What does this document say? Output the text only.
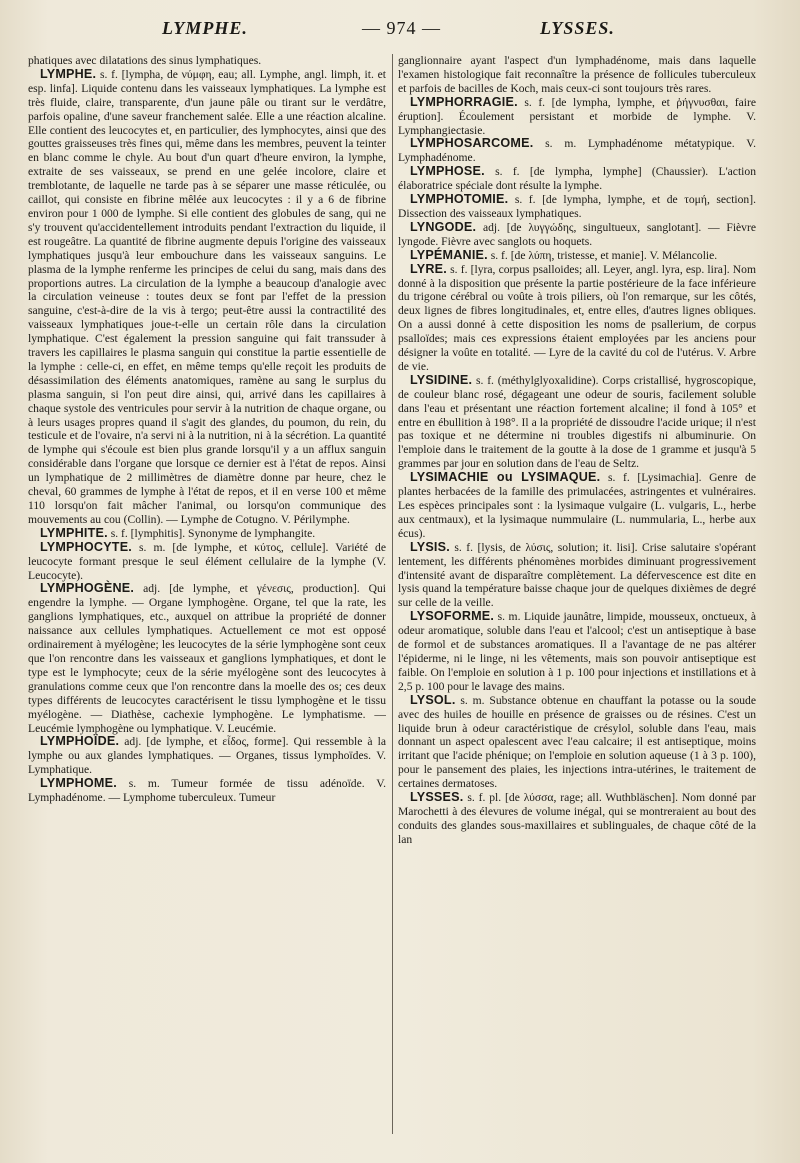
LYMPHE.	— 974 —	LYSSES.

phatiques avec dilatations des sinus lymphatiques.

LYMPHE. s. f. [lympha, de νύμφη, eau; all. Lymphe, angl. limph, it. et esp. linfa]. Liquide contenu dans les vaisseaux lymphatiques. La lymphe est très fluide, claire, transparente, d'un jaune pâle ou tirant sur le verdâtre, parfois opaline, d'une saveur franchement salée. Elle a une réaction alcaline. Elle contient des leucocytes et, en particulier, des lymphocytes, ainsi que des gouttes graisseuses très fines qui, même dans les membres, peuvent la teinter en blanc comme le chyle. Au bout d'un quart d'heure environ, la lymphe, extraite de ses vaisseaux, se prend en une gelée incolore, claire et tremblotante, de laquelle ne tarde pas à se séparer une masse réticulée, ou caillot, qui consiste en fibrine mêlée aux leucocytes : il y a 6 de fibrine environ pour 1 000 de lymphe. Si elle contient des globules de sang, qui ne s'y trouvent qu'accidentellement introduits pendant l'extraction du liquide, il est rougeâtre. La quantité de fibrine augmente depuis l'origine des vaisseaux lymphatiques jusqu'à leur embouchure dans les vaisseaux sanguins. Le plasma de la lymphe renferme les principes de celui du sang, mais dans des proportions autres. La circulation de la lymphe a beaucoup d'analogie avec la circulation veineuse : toutes deux se font par l'effet de la pression sanguine, c'est-à-dire de la vis à tergo; peut-être aussi la contractilité des vaisseaux lymphatiques joue-t-elle un certain rôle dans la circulation lymphatique. C'est également la pression sanguine qui fait transsuder à travers les capillaires le plasma sanguin qui constitue la partie essentielle de la lymphe : celle-ci, en effet, en même temps qu'elle reçoit les produits de désassimilation des éléments anatomiques, ramène au sang le surplus du plasma sanguin, si l'on peut dire ainsi, qui, arrivé dans les capillaires à chaque systole des ventricules pour servir à la nutrition de chaque organe, ou à leurs usages propres quand il s'agit des glandes, du poumon, du rein, du testicule et de l'ovaire, n'a servi ni à la nutrition, ni à la sécrétion. La quantité de lymphe qui s'écoule est bien plus grande lorsqu'il y a un afflux sanguin considérable dans l'organe que lorsque ce dernier est à l'état de repos. Ainsi un lymphatique de 2 millimètres de diamètre donne par heure, chez le cheval, 60 grammes de lymphe à l'état de repos, et il en verse 100 et même 110 lorsqu'on fait mâcher l'animal, ou lorsqu'on communique des mouvements au cou (Collin). — Lymphe de Cotugno. V. Périlymphe.

LYMPHITE. s. f. [lymphitis]. Synonyme de lymphangite.

LYMPHOCYTE. s. m. [de lymphe, et κύτος, cellule]. Variété de leucocyte formant presque le seul élément cellulaire de la lymphe (V. Leucocyte).

LYMPHOGÈNE. adj. [de lymphe, et γένεσις, production]. Qui engendre la lymphe. — Organe lymphogène. Organe, tel que la rate, les ganglions lymphatiques, etc., auxquel on attribue la propriété de donner naissance aux cellules lymphatiques. Actuellement ce mot est opposé ordinairement à myélogène; les leucocytes de la série lymphogène sont ceux que l'on rencontre dans les vaisseaux et ganglions lymphatiques, et dont le type est le lymphocyte; ceux de la série myélogène sont des leucocytes à granulations comme ceux que l'on rencontre dans la moelle des os; ces deux types différents de leucocytes caractérisent le tissu lymphogène et le tissu myélogène. — Diathèse, cachexie lymphogène. Le lymphatisme. — Leucémie lymphogène ou lymphatique. V. Leucémie.

LYMPHOÏDE. adj. [de lymphe, et εἶδος, forme]. Qui ressemble à la lymphe ou aux glandes lymphatiques. — Organes, tissus lymphoïdes. V. Lymphatique.

LYMPHOME. s. m. Tumeur formée de tissu adénoïde. V. Lymphadénome. — Lymphome tuberculeux. Tumeur

ganglionnaire ayant l'aspect d'un lymphadénome, mais dans laquelle l'examen histologique fait reconnaître la présence de follicules tuberculeux et parfois de bacilles de Koch, mais ceux-ci sont toujours très rares.

LYMPHORRAGIE. s. f. [de lympha, lymphe, et ῥήγνυσθαι, faire éruption]. Écoulement persistant et morbide de lymphe. V. Lymphangiectasie.

LYMPHOSARCOME. s. m. Lymphadénome métatypique. V. Lymphadénome.

LYMPHOSE. s. f. [de lympha, lymphe] (Chaussier). L'action élaboratrice spéciale dont résulte la lymphe.

LYMPHOTOMIE. s. f. [de lympha, lymphe, et de τομή, section]. Dissection des vaisseaux lymphatiques.

LYNGODE. adj. [de λυγγώδης, singultueux, sanglotant]. — Fièvre lyngode. Fièvre avec sanglots ou hoquets.

LYPÉMANIE. s. f. [de λύπη, tristesse, et manie]. V. Mélancolie.

LYRE. s. f. [lyra, corpus psalloides; all. Leyer, angl. lyra, esp. lira]. Nom donné à la disposition que présente la partie postérieure de la face inférieure du trigone cérébral ou voûte à trois piliers, où l'on remarque, sur les côtés, deux lignes de fibres longitudinales, et, entre elles, d'autres lignes obliques. On a aussi donné à cette disposition les noms de psallerium, de corpus psalloïdes; mais ces expressions étaient employées par les anciens pour désigner la voûte en totalité. — Lyre de la cavité du col de l'utérus. V. Arbre de vie.

LYSIDINE. s. f. (méthylglyoxalidine). Corps cristallisé, hygroscopique, de couleur blanc rosé, dégageant une odeur de souris, facilement soluble dans l'eau et présentant une réaction fortement alcaline; il fond à 105° et entre en ébullition à 198°. Il a la propriété de dissoudre l'acide urique; il n'est pas toxique et ne détermine ni troubles digestifs ni albuminurie. On l'emploie dans le traitement de la goutte à la dose de 1 gramme et jusqu'à 5 grammes par jour en solution dans de l'eau de Seltz.

LYSIMACHIE ou LYSIMAQUE. s. f. [Lysimachia]. Genre de plantes herbacées de la famille des primulacées, astringentes et vulnéraires. Les espèces principales sont : la lysimaque vulgaire (L. vulgaris, L., herbe aux centmaux), et la lysimaque nummulaire (L. nummularia, L., herbe aux écus).

LYSIS. s. f. [lysis, de λύσις, solution; it. lisi]. Crise salutaire s'opérant lentement, les différents phénomènes morbides diminuant progressivement d'intensité avant de disparaître complètement. La défervescence est dite en lysis quand la température baisse chaque jour de quelques dixièmes de degré sur celle de la veille.

LYSOFORME. s. m. Liquide jaunâtre, limpide, mousseux, onctueux, à odeur aromatique, soluble dans l'eau et l'alcool; c'est un antiseptique à base de formol et de substances aromatiques. Il a l'avantage de ne pas altérer l'épiderme, ni le linge, ni les vêtements, mais son pouvoir antiseptique est faible. On l'emploie en solution à 1 p. 100 pour injections et instillations et à 2,5 p. 100 pour le lavage des mains.

LYSOL. s. m. Substance obtenue en chauffant la potasse ou la soude avec des huiles de houille en présence de graisses ou de résines. C'est un liquide brun à odeur caractéristique de crésylol, soluble dans l'eau, mais donnant un aspect opalescent avec l'eau calcaire; il est antiseptique, moins irritant que l'acide phénique; on l'emploie en solution aqueuse (1 à 3 p. 100), pour le pansement des plaies, les injections intra-utérines, le traitement de certaines dermatoses.

LYSSES. s. f. pl. [de λύσσα, rage; all. Wuthbläschen]. Nom donné par Marochetti à des élevures de volume inégal, qui se montreraient au bout des conduits des glandes sous-maxillaires et sublinguales, de chaque côté de la lan
